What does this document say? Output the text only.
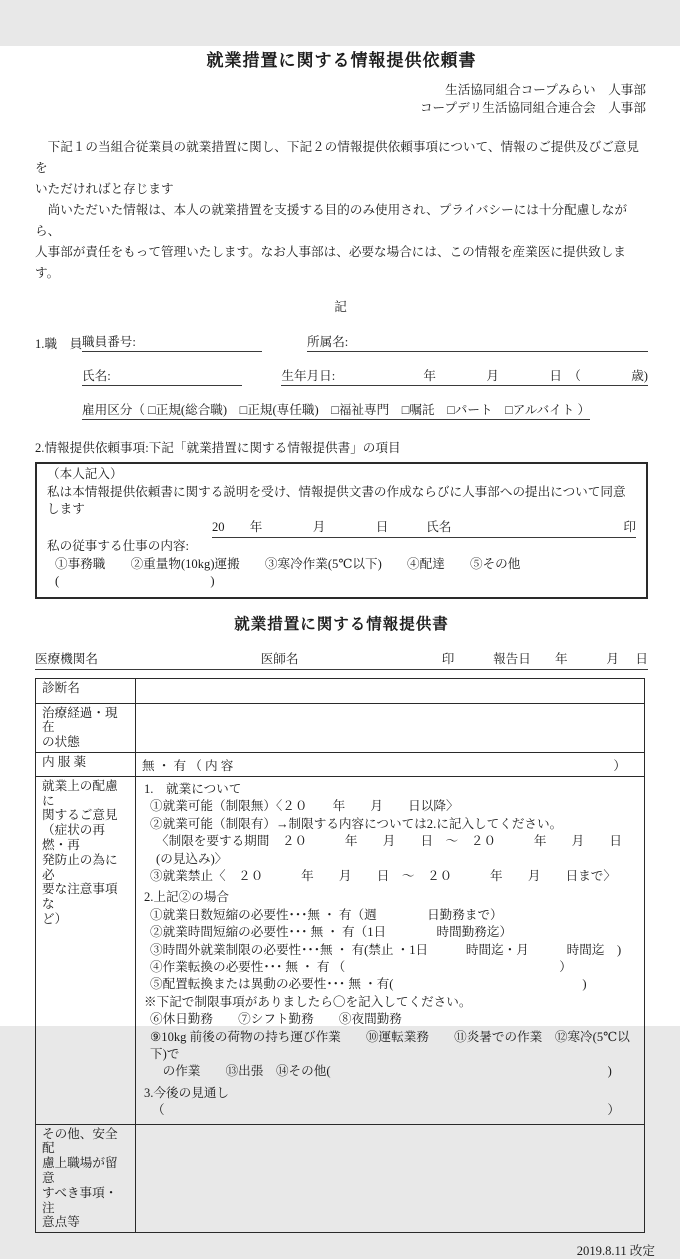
就業措置に関する情報提供依頼書
生活協同組合コープみらい　人事部
コープデリ生活協同組合連合会　人事部
　下記１の当組合従業員の就業措置に関し、下記２の情報提供依頼事項について、情報のご提供及びご意見を
いただければと存じます
　尚いただいた情報は、本人の就業措置を支援する目的のみ使用され、プライバシーには十分配慮しながら、
人事部が責任をもって管理いたします。なお人事部は、必要な場合には、この情報を産業医に提供致します。
記
1.職　員 職員番号:	所属名:
氏名:	生年月日:　　　　　　　年　　　　月　　　　日　（　　　　歳)
雇用区分（ □正規(総合職)　□正規(専任職)　□福祉専門　□嘱託　□パート　□アルバイト ）
2.情報提供依頼事項:下記「就業措置に関する情報提供書」の項目
（本人記入）
私は本情報提供依頼書に関する説明を受け、情報提供文書の作成ならびに人事部への提出について同意します
20　　年　　　　月　　　　日　　　氏名	印
私の従事する仕事の内容:
①事務職　　②重量物(10kg)運搬　　③寒冷作業(5℃以下)　　④配達　　⑤その他(　　　　　　　　　　　　)
就業措置に関する情報提供書
医療機関名	医師名	印	報告日	年	月	日
診断名	
治療経過・現在
の状態	
内 服 薬	無 ・ 有 （ 内 容 ）

就業上の配慮に
関するご意見
（症状の再燃・再
発防止の為に必
要な注意事項な
ど）	
1.　就業について
①就業可能（制限無）〈２０　　年　　月　　日以降〉
②就業可能（制限有）→制限する内容については2.に記入してください。
〈制限を要する期間　２０　　　年　　月　　日　～　２０　　　年　　月　　日(の見込み)〉
③就業禁止〈　２０　　　年　　月　　日　～　２０　　　年　　月　　日まで〉
2.上記②の場合
①就業日数短縮の必要性･･･無 ・ 有（週　　　　日勤務まで）
②就業時間短縮の必要性･･･ 無 ・ 有（1日　　　　時間勤務迄）
③時間外就業制限の必要性･･･無 ・ 有(禁止 ・1日　　　時間迄・月　　　時間迄　)
④作業転換の必要性･･･ 無 ・ 有 （　　　　　　　　　　　　　　　　　）
⑤配置転換または異動の必要性･･･ 無 ・有(　　　　　　　　　　　　　　　)
※下記で制限事項がありましたら〇を記入してください。
⑥休日勤務　　⑦シフト勤務　　⑧夜間勤務
⑨10kg 前後の荷物の持ち運び作業　　⑩運転業務　　⑪炎暑での作業　⑫寒冷(5℃以下)で
　の作業　　⑬出張　⑭その他(　　　　　　　　　　　　　　　　　　　　　　)
3.今後の見通し
（	）

その他、安全配
慮上職場が留意
すべき事項・注
意点等	
2019.8.11 改定
